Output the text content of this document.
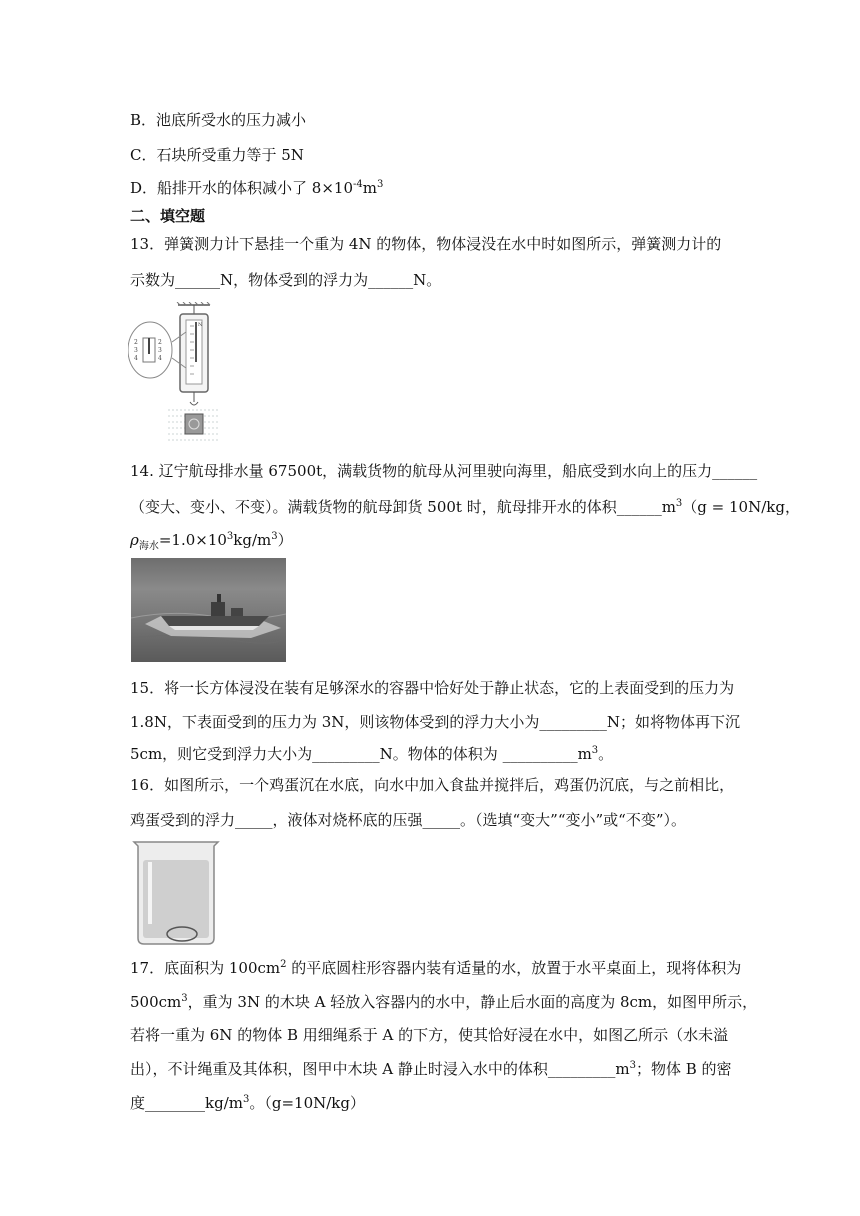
B．池底所受水的压力减小
C．石块所受重力等于 5N
D．船排开水的体积减小了 $8\times 10^{-4}m^3$
二、填空题
13．弹簧测力计下悬挂一个重为 4N 的物体，物体浸没在水中时如图所示，弹簧测力计的
示数为______N，物体受到的浮力为______N。
N
2
3
4
2
3
4
14. 辽宁航母排水量 67500t，满载货物的航母从河里驶向海里，船底受到水向上的压力______
（变大、变小、不变）。满载货物的航母卸货 500t 时，航母排开水的体积$\_\_\_\_\_\_m^3(g = 10N/kg$，
$\rho_{海水}=1.0\times 10^3kg/m^3$）
15．将一长方体浸没在装有足够深水的容器中恰好处于静止状态，它的上表面受到的压力为
1.8N，下表面受到的压力为 3N，则该物体受到的浮力大小为_________N；如将物体再下沉
5cm，则它受到浮力大小为_________N。物体的体积为 $\_\_\_\_\_\_\_\_\_\_m^3$。
16．如图所示，一个鸡蛋沉在水底，向水中加入食盐并搅拌后，鸡蛋仍沉底，与之前相比，
鸡蛋受到的浮力_____，液体对烧杯底的压强_____。（选填“变大”“变小”或“不变”）。
17．底面积为 $100cm^2$ 的平底圆柱形容器内装有适量的水，放置于水平桌面上，现将体积为
$500cm^3$，重为 3N 的木块 A 轻放入容器内的水中，静止后水面的高度为 8cm，如图甲所示，
若将一重为 6N 的物体 B 用细绳系于 A 的下方，使其恰好浸在水中，如图乙所示（水未溢
出），不计绳重及其体积，图甲中木块 A 静止时浸入水中的体积$\_\_\_\_\_\_\_\_\_m^3$；物体 B 的密
度$\_\_\_\_\_\_\_\_kg/m^3$。（g=10N/kg）
